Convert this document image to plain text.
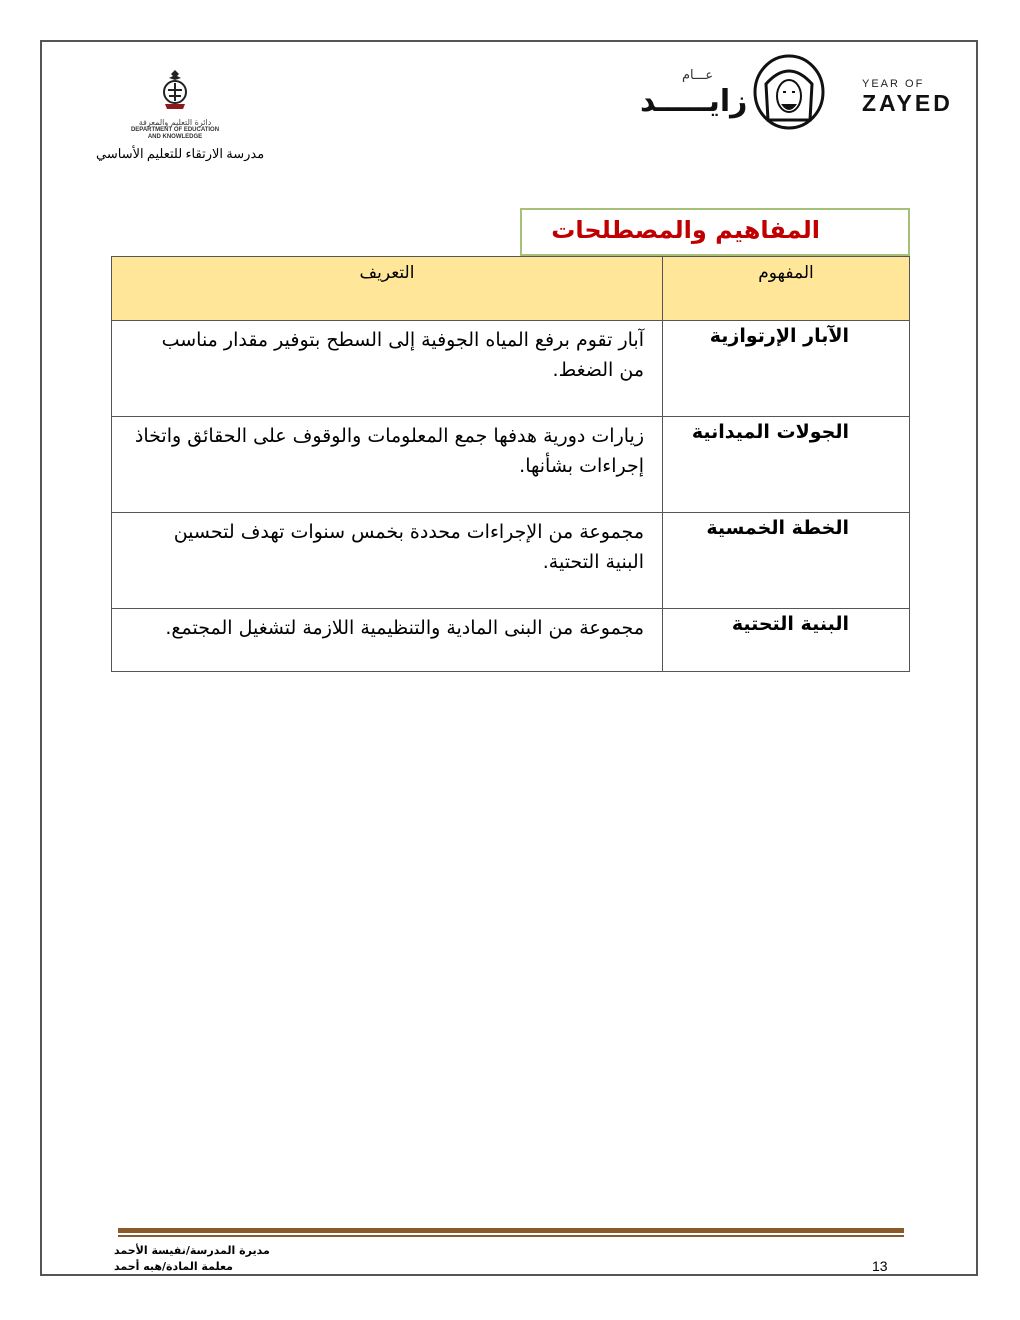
دائرة التعليم والمعرفة
DEPARTMENT OF EDUCATION
AND KNOWLEDGE
مدرسة الارتقاء للتعليم الأساسي
عـــام
زايـــــد	YEAR OF
ZAYED
المفاهيم والمصطلحات
المفهوم	التعريف

الآبار الإرتوازية	آبار تقوم برفع المياه الجوفية إلى السطح بتوفير مقدار مناسب من الضغط.
الجولات الميدانية	زيارات دورية هدفها جمع المعلومات والوقوف على الحقائق واتخاذ إجراءات بشأنها.
الخطة الخمسية	مجموعة من الإجراءات محددة بخمس سنوات تهدف لتحسين البنية التحتية.
البنية التحتية	مجموعة من البنى المادية والتنظيمية اللازمة لتشغيل المجتمع.
مديرة المدرسة/نفيسة الأحمد
معلمة المادة/هبه أحمد	13
